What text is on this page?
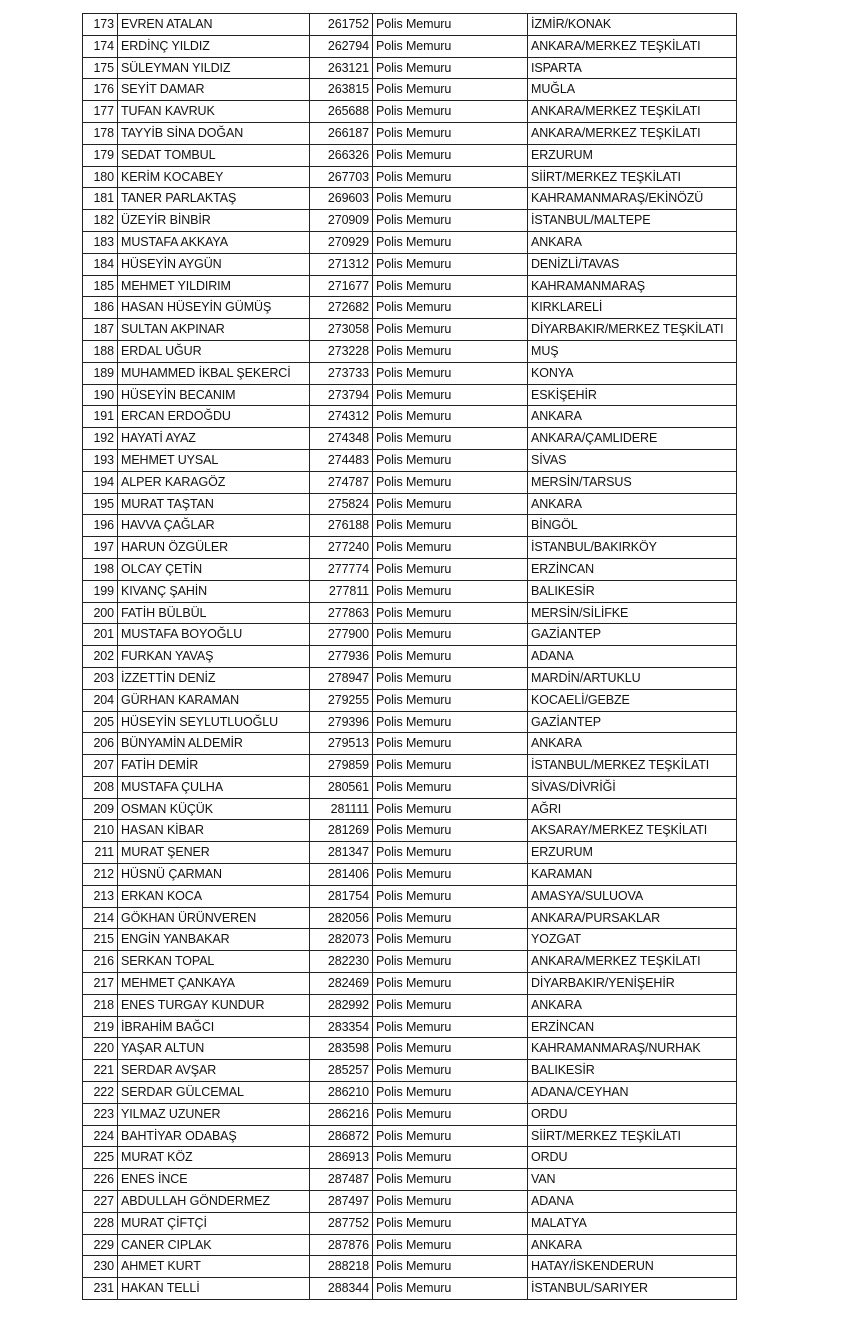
173	EVREN ATALAN	261752	Polis Memuru	İZMİR/KONAK
174	ERDİNÇ YILDIZ	262794	Polis Memuru	ANKARA/MERKEZ TEŞKİLATI
175	SÜLEYMAN YILDIZ	263121	Polis Memuru	ISPARTA
176	SEYİT DAMAR	263815	Polis Memuru	MUĞLA
177	TUFAN KAVRUK	265688	Polis Memuru	ANKARA/MERKEZ TEŞKİLATI
178	TAYYİB SİNA DOĞAN	266187	Polis Memuru	ANKARA/MERKEZ TEŞKİLATI
179	SEDAT TOMBUL	266326	Polis Memuru	ERZURUM
180	KERİM KOCABEY	267703	Polis Memuru	SİİRT/MERKEZ TEŞKİLATI
181	TANER PARLAKTAŞ	269603	Polis Memuru	KAHRAMANMARAŞ/EKİNÖZÜ
182	ÜZEYİR BİNBİR	270909	Polis Memuru	İSTANBUL/MALTEPE
183	MUSTAFA AKKAYA	270929	Polis Memuru	ANKARA
184	HÜSEYİN AYGÜN	271312	Polis Memuru	DENİZLİ/TAVAS
185	MEHMET YILDIRIM	271677	Polis Memuru	KAHRAMANMARAŞ
186	HASAN HÜSEYİN GÜMÜŞ	272682	Polis Memuru	KIRKLARELİ
187	SULTAN AKPINAR	273058	Polis Memuru	DİYARBAKIR/MERKEZ TEŞKİLATI
188	ERDAL UĞUR	273228	Polis Memuru	MUŞ
189	MUHAMMED İKBAL ŞEKERCİ	273733	Polis Memuru	KONYA
190	HÜSEYİN BECANIM	273794	Polis Memuru	ESKİŞEHİR
191	ERCAN ERDOĞDU	274312	Polis Memuru	ANKARA
192	HAYATİ AYAZ	274348	Polis Memuru	ANKARA/ÇAMLIDERE
193	MEHMET UYSAL	274483	Polis Memuru	SİVAS
194	ALPER KARAGÖZ	274787	Polis Memuru	MERSİN/TARSUS
195	MURAT TAŞTAN	275824	Polis Memuru	ANKARA
196	HAVVA ÇAĞLAR	276188	Polis Memuru	BİNGÖL
197	HARUN ÖZGÜLER	277240	Polis Memuru	İSTANBUL/BAKIRKÖY
198	OLCAY ÇETİN	277774	Polis Memuru	ERZİNCAN
199	KIVANÇ ŞAHİN	277811	Polis Memuru	BALIKESİR
200	FATİH BÜLBÜL	277863	Polis Memuru	MERSİN/SİLİFKE
201	MUSTAFA BOYOĞLU	277900	Polis Memuru	GAZİANTEP
202	FURKAN YAVAŞ	277936	Polis Memuru	ADANA
203	İZZETTİN DENİZ	278947	Polis Memuru	MARDİN/ARTUKLU
204	GÜRHAN KARAMAN	279255	Polis Memuru	KOCAELİ/GEBZE
205	HÜSEYİN SEYLUTLUOĞLU	279396	Polis Memuru	GAZİANTEP
206	BÜNYAMİN ALDEMİR	279513	Polis Memuru	ANKARA
207	FATİH DEMİR	279859	Polis Memuru	İSTANBUL/MERKEZ TEŞKİLATI
208	MUSTAFA ÇULHA	280561	Polis Memuru	SİVAS/DİVRİĞİ
209	OSMAN KÜÇÜK	281111	Polis Memuru	AĞRI
210	HASAN KİBAR	281269	Polis Memuru	AKSARAY/MERKEZ TEŞKİLATI
211	MURAT ŞENER	281347	Polis Memuru	ERZURUM
212	HÜSNÜ ÇARMAN	281406	Polis Memuru	KARAMAN
213	ERKAN KOCA	281754	Polis Memuru	AMASYA/SULUOVA
214	GÖKHAN ÜRÜNVEREN	282056	Polis Memuru	ANKARA/PURSAKLAR
215	ENGİN YANBAKAR	282073	Polis Memuru	YOZGAT
216	SERKAN TOPAL	282230	Polis Memuru	ANKARA/MERKEZ TEŞKİLATI
217	MEHMET ÇANKAYA	282469	Polis Memuru	DİYARBAKIR/YENİŞEHİR
218	ENES TURGAY KUNDUR	282992	Polis Memuru	ANKARA
219	İBRAHİM BAĞCI	283354	Polis Memuru	ERZİNCAN
220	YAŞAR ALTUN	283598	Polis Memuru	KAHRAMANMARAŞ/NURHAK
221	SERDAR AVŞAR	285257	Polis Memuru	BALIKESİR
222	SERDAR GÜLCEMAL	286210	Polis Memuru	ADANA/CEYHAN
223	YILMAZ UZUNER	286216	Polis Memuru	ORDU
224	BAHTİYAR ODABAŞ	286872	Polis Memuru	SİİRT/MERKEZ TEŞKİLATI
225	MURAT KÖZ	286913	Polis Memuru	ORDU
226	ENES İNCE	287487	Polis Memuru	VAN
227	ABDULLAH GÖNDERMEZ	287497	Polis Memuru	ADANA
228	MURAT ÇİFTÇİ	287752	Polis Memuru	MALATYA
229	CANER CIPLAK	287876	Polis Memuru	ANKARA
230	AHMET KURT	288218	Polis Memuru	HATAY/İSKENDERUN
231	HAKAN TELLİ	288344	Polis Memuru	İSTANBUL/SARIYER
